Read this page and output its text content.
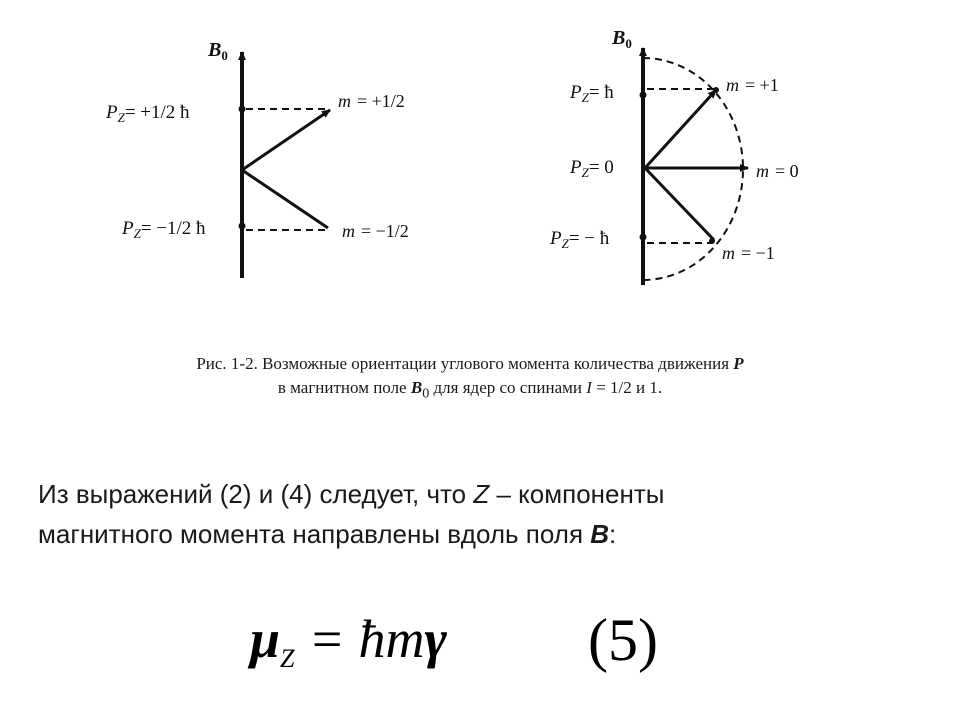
$B_0$
$P_Z= +1/2$ ħ
$P_Z= -1/2$ ħ
m = +1/2
m = −1/2
$B_0$
$P_Z=$ ħ
$P_Z= 0$
$P_Z=$ − ħ
m = +1
m = 0
m = −1
Рис. 1-2. Возможные ориентации углового момента количества движения P
в магнитном поле $B_0$ для ядер со спинами I = 1/2 и 1.
Из выражений (2) и (4) следует, что Z – компоненты
магнитного момента направлены вдоль поля B:
μZ = ħmγ (5)
